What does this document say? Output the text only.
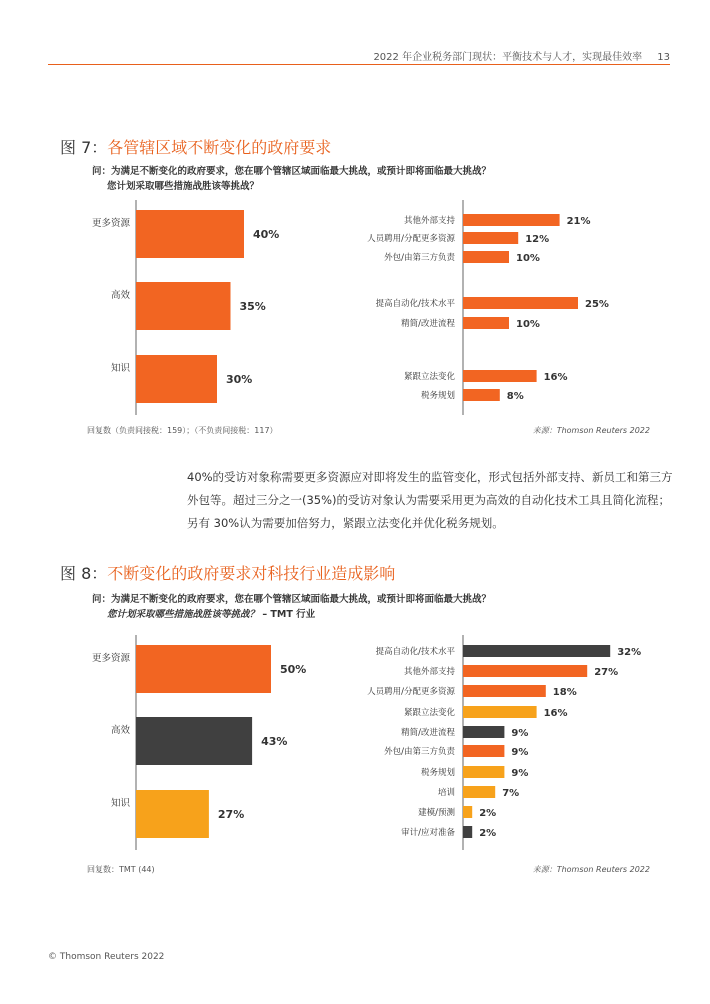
2022 年企业税务部门现状：平衡技术与人才，实现最佳效率 13
图 7：各管辖区域不断变化的政府要求
问：为满足不断变化的政府要求，您在哪个管辖区域面临最大挑战，或预计即将面临最大挑战？
您计划采取哪些措施战胜该等挑战？
更多资源
40%
高效
35%
知识
30%
其他外部支持	21%
人员聘用/分配更多资源	12%
外包/由第三方负责	10%
提高自动化/技术水平	25%
精简/改进流程	10%
紧跟立法变化	16%
税务规划	8%
回复数（负责间接税：159）；（不负责间接税：117）	来源：Thomson Reuters 2022
40%的受访对象称需要更多资源应对即将发生的监管变化，形式包括外部支持、新员工和第三方外包等。超过三分之一(35%)的受访对象认为需要采用更为高效的自动化技术工具且简化流程；另有 30%认为需要加倍努力，紧跟立法变化并优化税务规划。
图 8：不断变化的政府要求对科技行业造成影响
问：为满足不断变化的政府要求，您在哪个管辖区域面临最大挑战，或预计即将面临最大挑战？
您计划采取哪些措施战胜该等挑战？ – TMT 行业
更多资源
50%
高效
43%
知识
27%
提高自动化/技术水平	32%
其他外部支持	27%
人员聘用/分配更多资源	18%
紧跟立法变化	16%
精简/改进流程	9%
外包/由第三方负责	9%
税务规划	9%
培训	7%
建模/预测 2%
审计/应对准备 2%
回复数：TMT (44)	来源：Thomson Reuters 2022
© Thomson Reuters 2022
